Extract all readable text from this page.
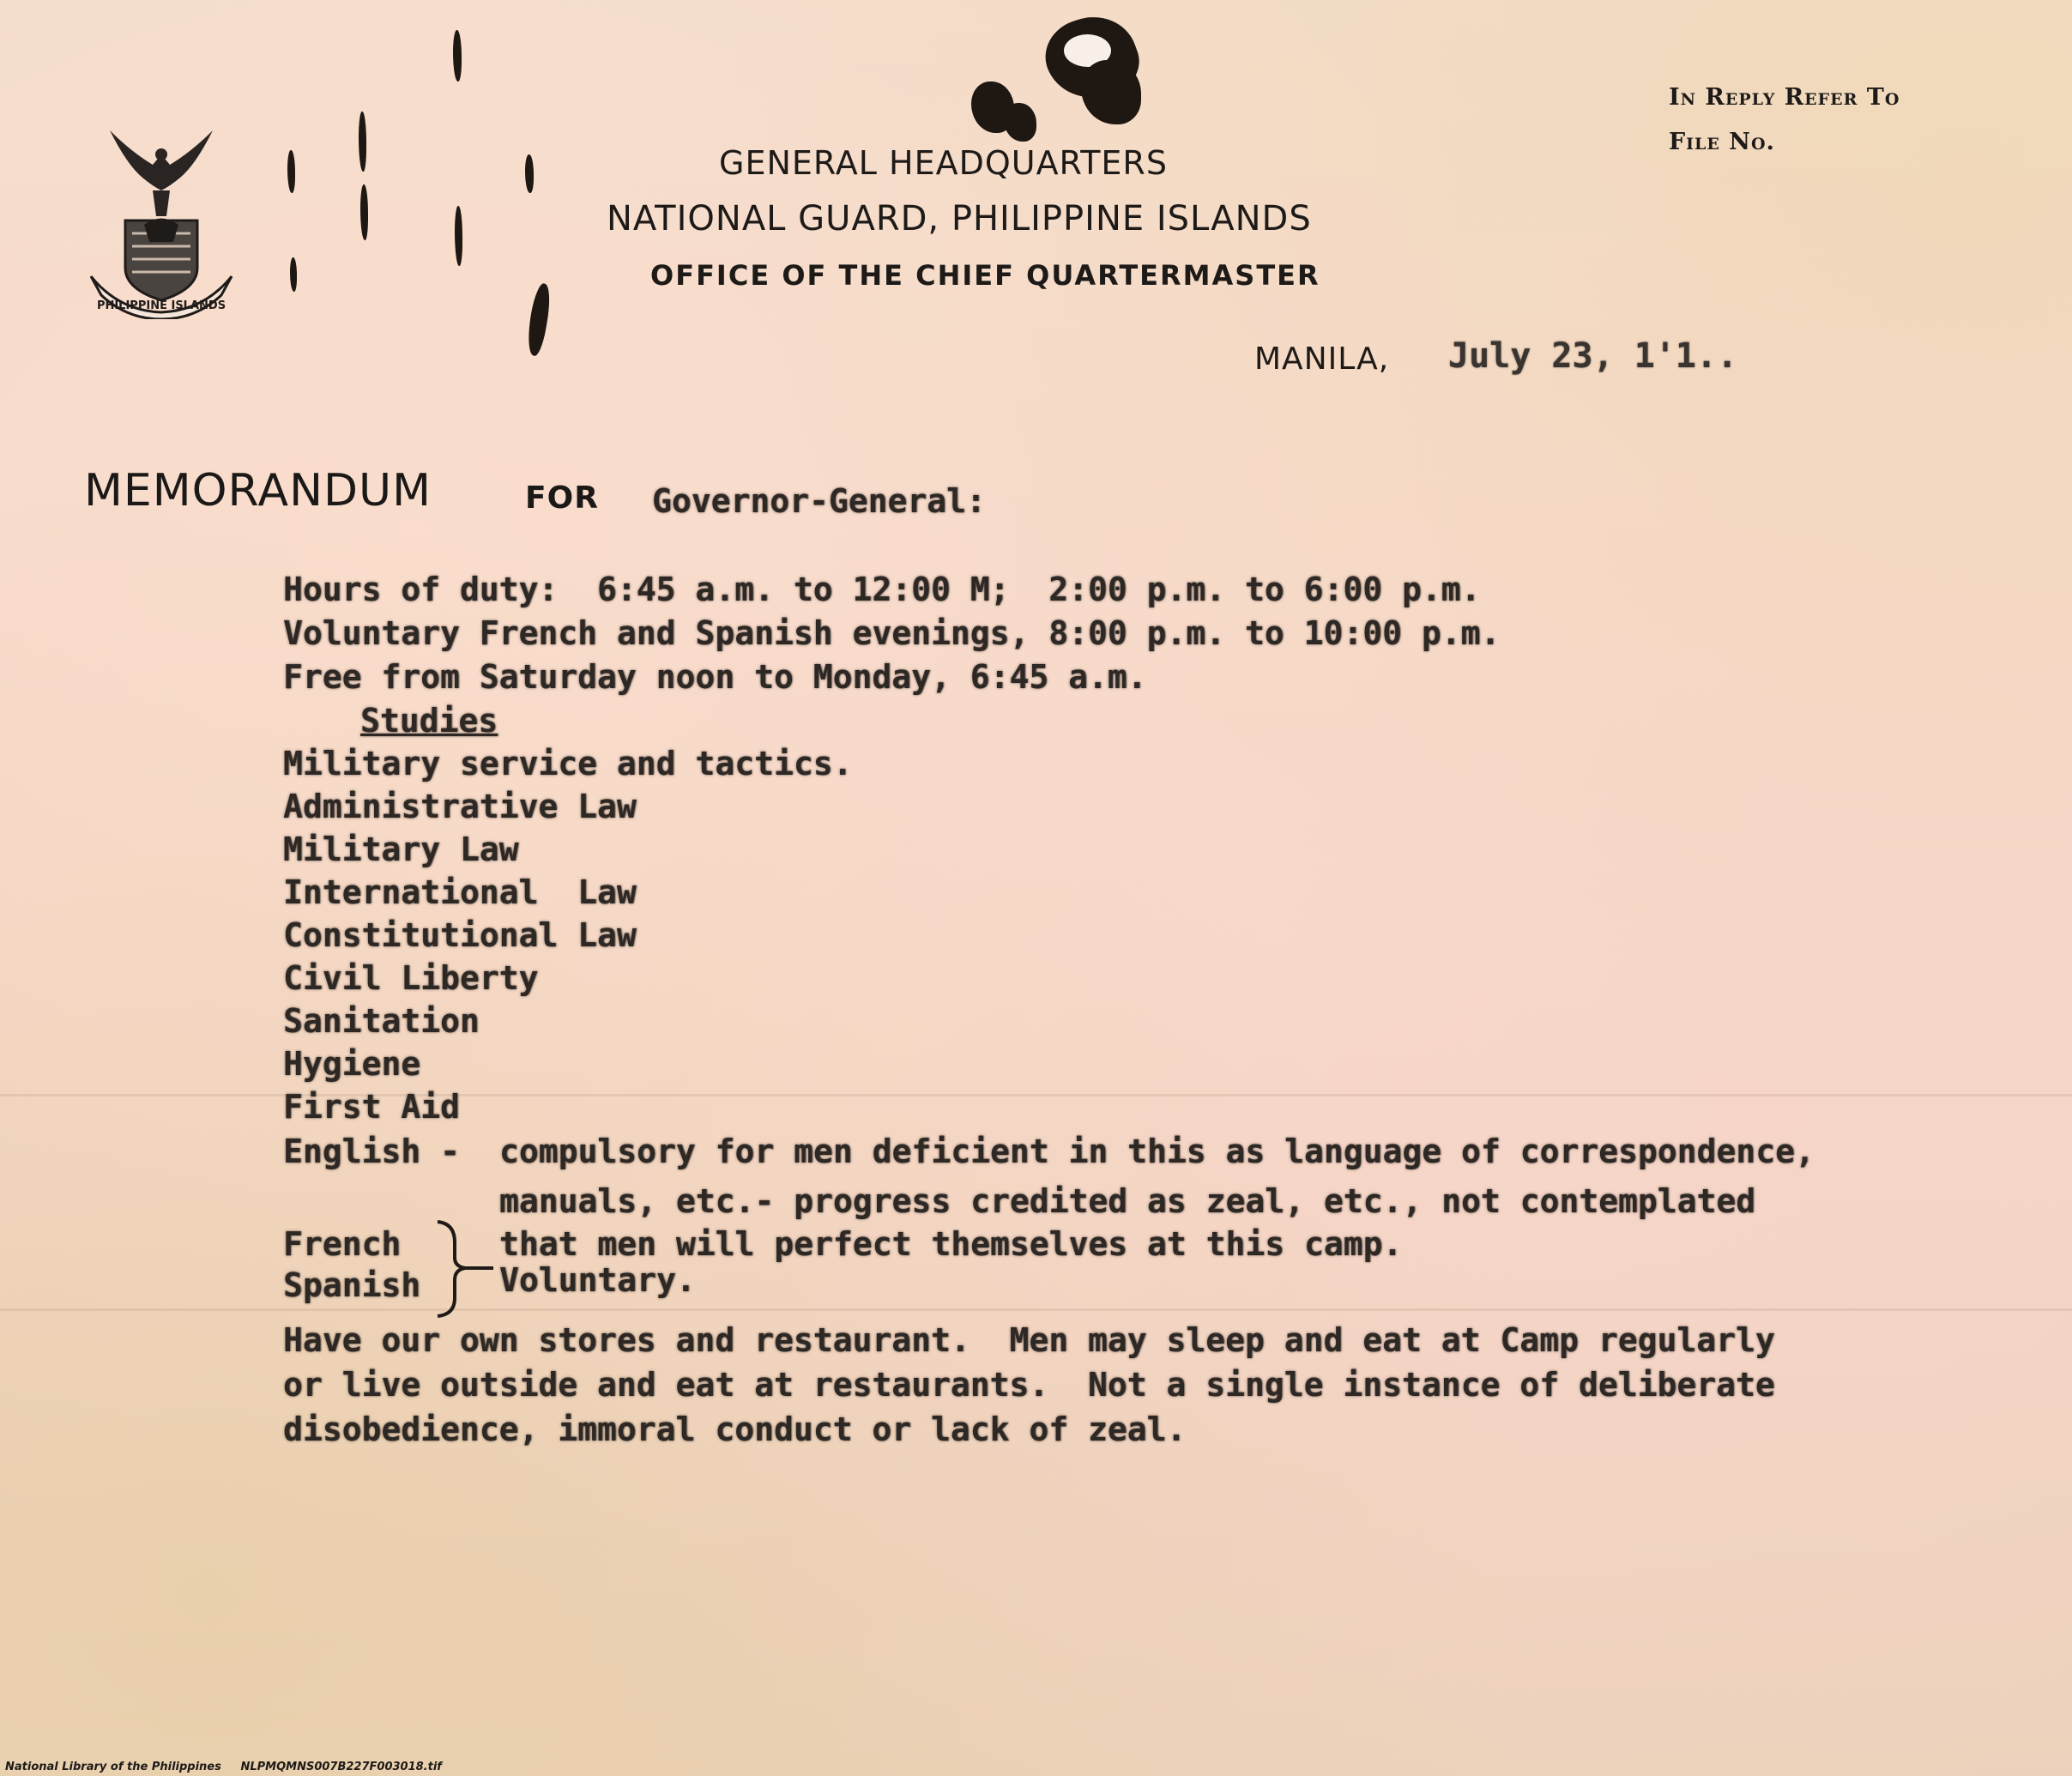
PHILIPPINE ISLANDS
GENERAL HEADQUARTERS
NATIONAL GUARD, PHILIPPINE ISLANDS
OFFICE OF THE CHIEF QUARTERMASTER
In Reply Refer To
File No.
MANILA, July 23, 1'1..
MEMORANDUM	FOR Governor-General:
Hours of duty:  6:45 a.m. to 12:00 M;  2:00 p.m. to 6:00 p.m.
Voluntary French and Spanish evenings, 8:00 p.m. to 10:00 p.m.
Free from Saturday noon to Monday, 6:45 a.m.
Studies
Military service and tactics.
Administrative Law
Military Law
International  Law
Constitutional Law
Civil Liberty
Sanitation
Hygiene
First Aid
English - compulsory for men deficient in this as language of correspondence,
manuals, etc.- progress credited as zeal, etc., not contemplated
that men will perfect themselves at this camp.
French
Spanish Voluntary.
Have our own stores and restaurant.  Men may sleep and eat at Camp regularly
or live outside and eat at restaurants.  Not a single instance of deliberate
disobedience, immoral conduct or lack of zeal.
National Library of the Philippines     NLPMQMNS007B227F003018.tif
